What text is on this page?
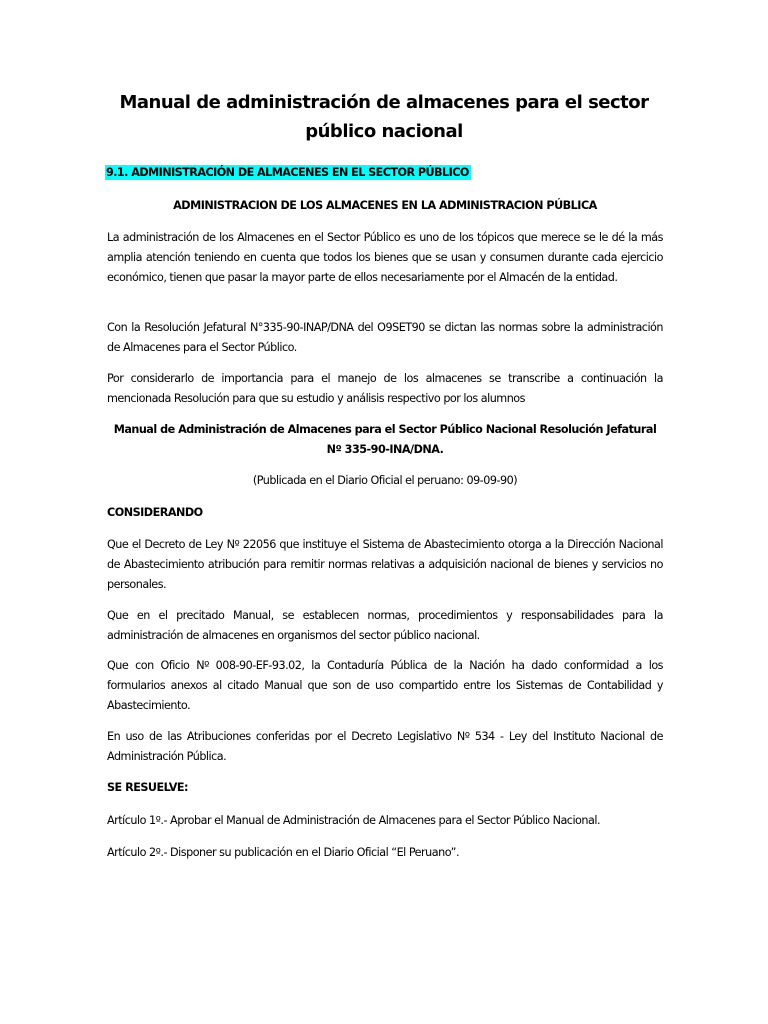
Manual de administración de almacenes para el sector público nacional

9.1. ADMINISTRACIÓN DE ALMACENES EN EL SECTOR PÚBLICO

ADMINISTRACION DE LOS ALMACENES EN LA ADMINISTRACION PÚBLICA

La administración de los Almacenes en el Sector Público es uno de los tópicos que merece se le dé la más amplia atención teniendo en cuenta que todos los bienes que se usan y consumen durante cada ejercicio económico, tienen que pasar la mayor parte de ellos necesariamente por el Almacén de la entidad.

Con la Resolución Jefatural N°335-90-INAP/DNA del O9SET90 se dictan las normas sobre la administración de Almacenes para el Sector Público.

Por considerarlo de importancia para el manejo de los almacenes se transcribe a continuación la mencionada Resolución para que su estudio y análisis respectivo por los alumnos

Manual de Administración de Almacenes para el Sector Público Nacional Resolución Jefatural Nº 335-90-INA/DNA.

(Publicada en el Diario Oficial el peruano: 09-09-90)

CONSIDERANDO

Que el Decreto de Ley Nº 22056 que instituye el Sistema de Abastecimiento otorga a la Dirección Nacional de Abastecimiento atribución para remitir normas relativas a adquisición nacional de bienes y servicios no personales.

Que en el precitado Manual, se establecen normas, procedimientos y responsabilidades para la administración de almacenes en organismos del sector público nacional.

Que con Oficio Nº 008-90-EF-93.02, la Contaduría Pública de la Nación ha dado conformidad a los formularios anexos al citado Manual que son de uso compartido entre los Sistemas de Contabilidad y Abastecimiento.

En uso de las Atribuciones conferidas por el Decreto Legislativo Nº 534 - Ley del Instituto Nacional de Administración Pública.

SE RESUELVE:

Artículo 1º.- Aprobar el Manual de Administración de Almacenes para el Sector Público Nacional.

Artículo 2º.- Disponer su publicación en el Diario Oficial “El Peruano”.
